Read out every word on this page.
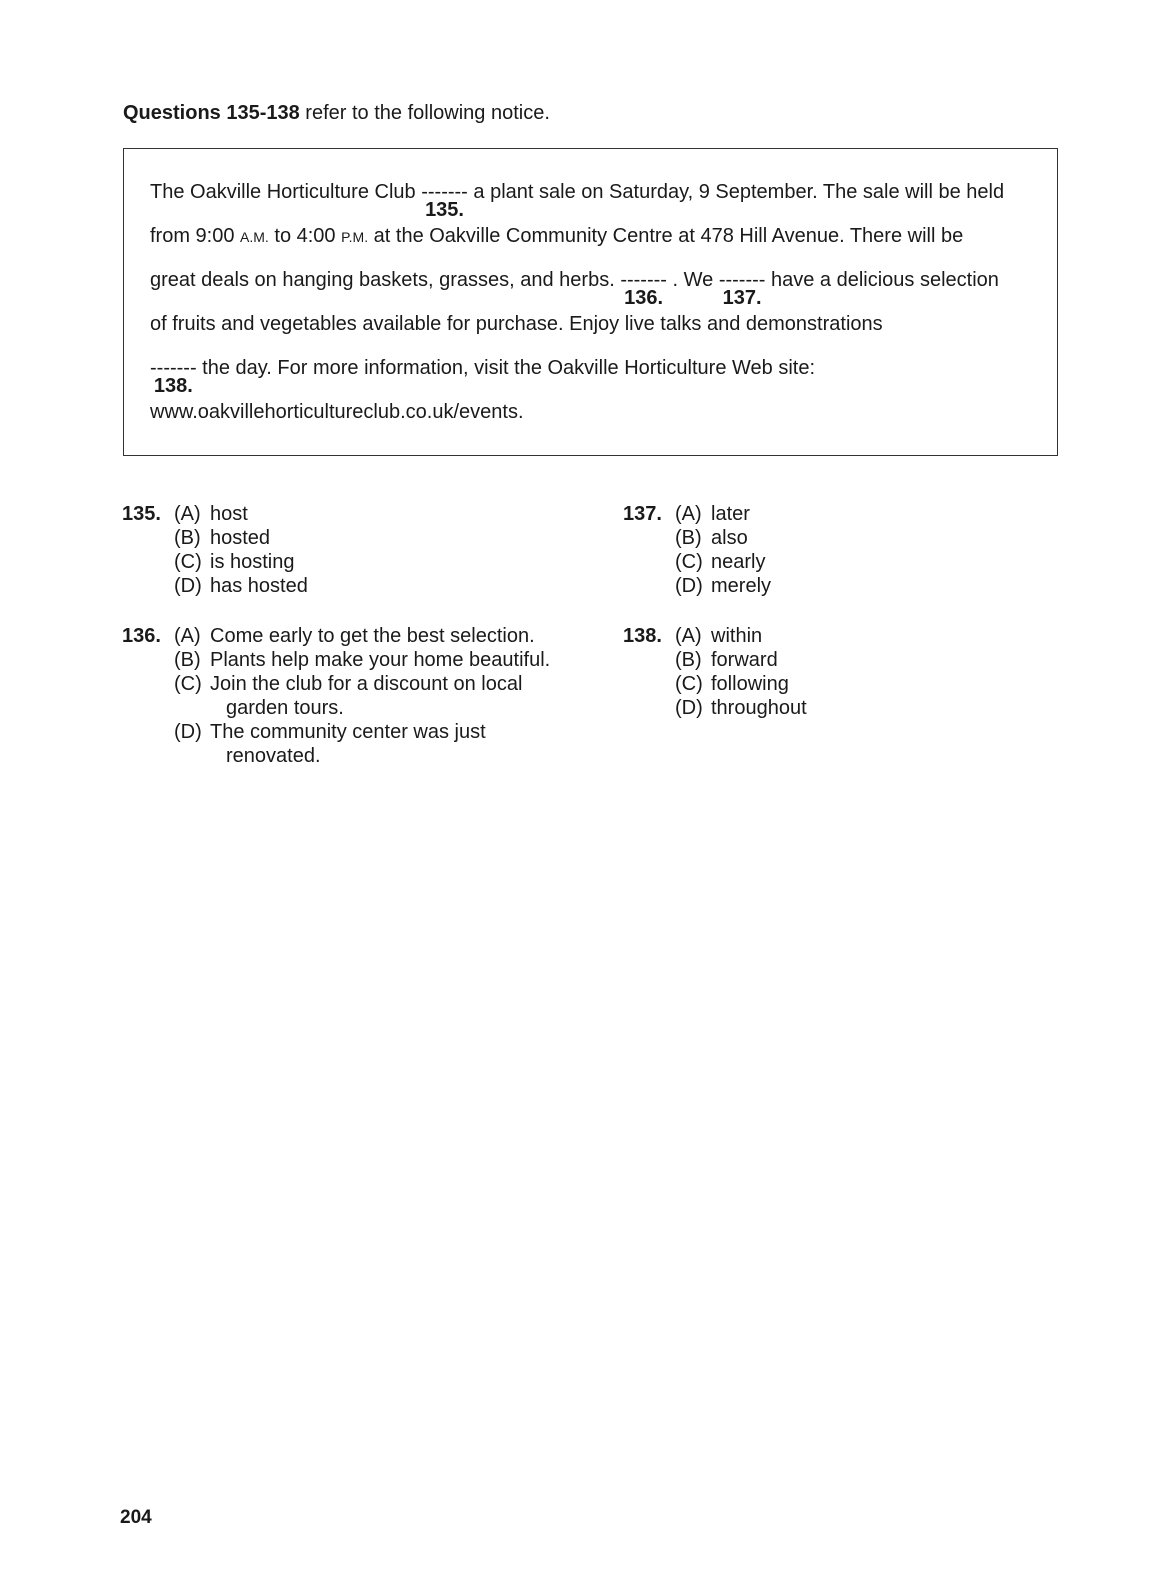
Questions 135-138 refer to the following notice.
The Oakville Horticulture Club -------
135.
a plant sale on Saturday, 9 September. The sale will be held
from 9:00 A.M. to 4:00 P.M. at the Oakville Community Centre at 478 Hill Avenue. There will be
great deals on hanging baskets, grasses, and herbs. -------
136.
. We -------
137.
have a delicious selection
of fruits and vegetables available for purchase. Enjoy live talks and demonstrations
-------
138.
the day. For more information, visit the Oakville Horticulture Web site:
www.oakvillehorticultureclub.co.uk/events.
135. (A) host
(B) hosted
(C) is hosting
(D) has hosted
136. (A) Come early to get the best selection.
(B) Plants help make your home beautiful.
(C) Join the club for a discount on local
garden tours.
(D) The community center was just
renovated.
137. (A) later
(B) also
(C) nearly
(D) merely
138. (A) within
(B) forward
(C) following
(D) throughout
204
